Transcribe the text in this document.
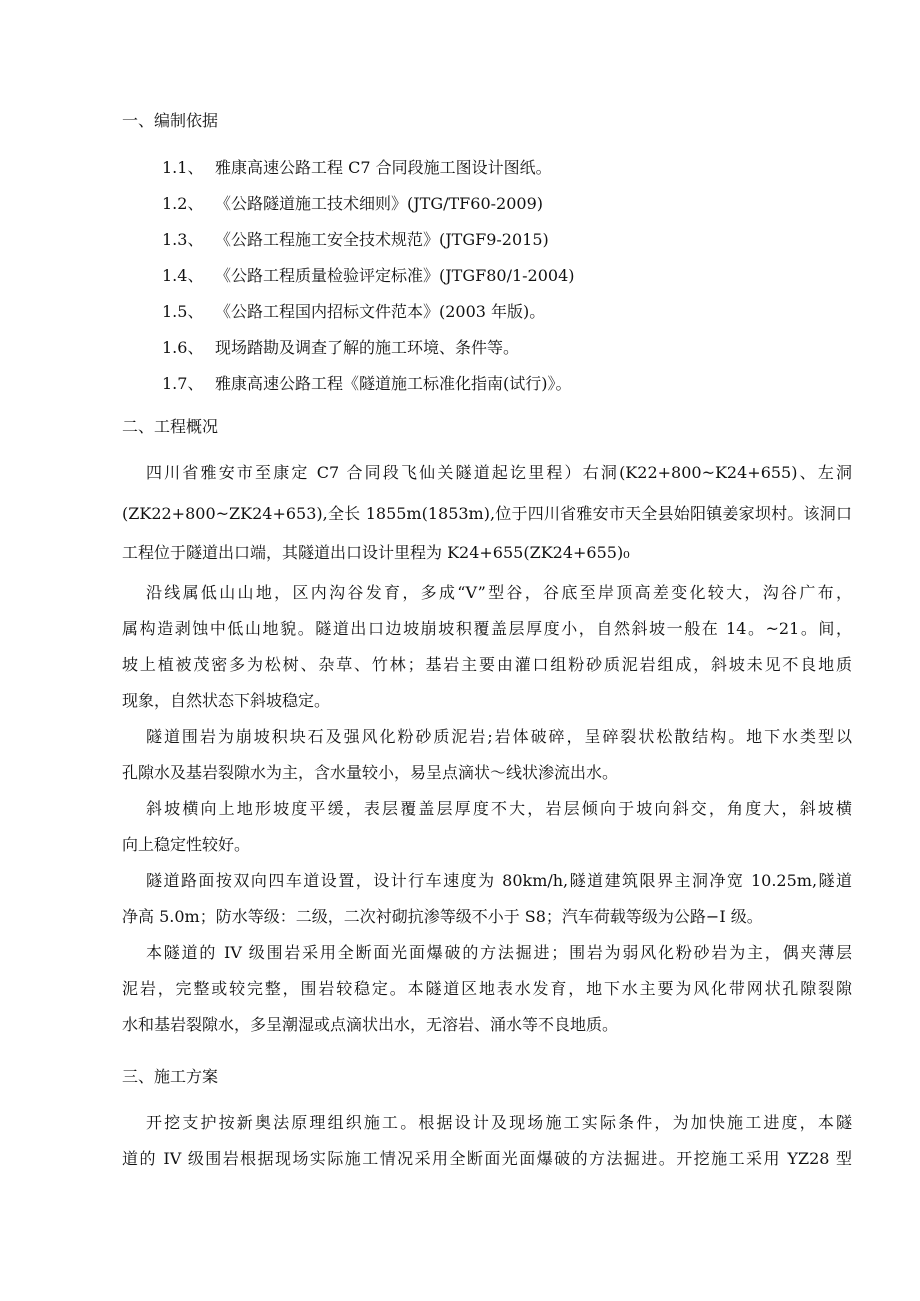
一、编制依据
1.1、 雅康高速公路工程 C7 合同段施工图设计图纸。
1.2、 《公路隧道施工技术细则》(JTG/TF60-2009)
1.3、 《公路工程施工安全技术规范》(JTGF9-2015)
1.4、 《公路工程质量检验评定标准》(JTGF80/1-2004)
1.5、 《公路工程国内招标文件范本》(2003 年版)。
1.6、 现场踏勘及调查了解的施工环境、条件等。
1.7、 雅康高速公路工程《隧道施工标准化指南(试行)》。
二、工程概况
四川省雅安市至康定 C7 合同段飞仙关隧道起讫里程）右洞(K22+800~K24+655)、左洞
(ZK22+800~ZK24+653),全长 1855m(1853m),位于四川省雅安市天全县始阳镇姜家坝村。该洞口
工程位于隧道出口端，其隧道出口设计里程为 K24+655(ZK24+655)₀
沿线属低山山地，区内沟谷发育，多成“V”型谷，谷底至岸顶高差变化较大，沟谷广布，
属构造剥蚀中低山地貌。隧道出口边坡崩坡积覆盖层厚度小，自然斜坡一般在 14。~21。间，
坡上植被茂密多为松树、杂草、竹林；基岩主要由灌口组粉砂质泥岩组成，斜坡未见不良地质
现象，自然状态下斜坡稳定。
隧道围岩为崩坡积块石及强风化粉砂质泥岩;岩体破碎，呈碎裂状松散结构。地下水类型以
孔隙水及基岩裂隙水为主，含水量较小，易呈点滴状～线状渗流出水。
斜坡横向上地形坡度平缓，表层覆盖层厚度不大，岩层倾向于坡向斜交，角度大，斜坡横
向上稳定性较好。
隧道路面按双向四车道设置，设计行车速度为 80km/h,隧道建筑限界主洞净宽 10.25m,隧道
净高 5.0m；防水等级：二级，二次衬砌抗渗等级不小于 S8；汽车荷载等级为公路−I 级。
本隧道的 IV 级围岩采用全断面光面爆破的方法掘进；围岩为弱风化粉砂岩为主，偶夹薄层
泥岩，完整或较完整，围岩较稳定。本隧道区地表水发育，地下水主要为风化带网状孔隙裂隙
水和基岩裂隙水，多呈潮湿或点滴状出水，无溶岩、涌水等不良地质。
三、施工方案
开挖支护按新奥法原理组织施工。根据设计及现场施工实际条件，为加快施工进度，本隧
道的 IV 级围岩根据现场实际施工情况采用全断面光面爆破的方法掘进。开挖施工采用 YZ28 型
